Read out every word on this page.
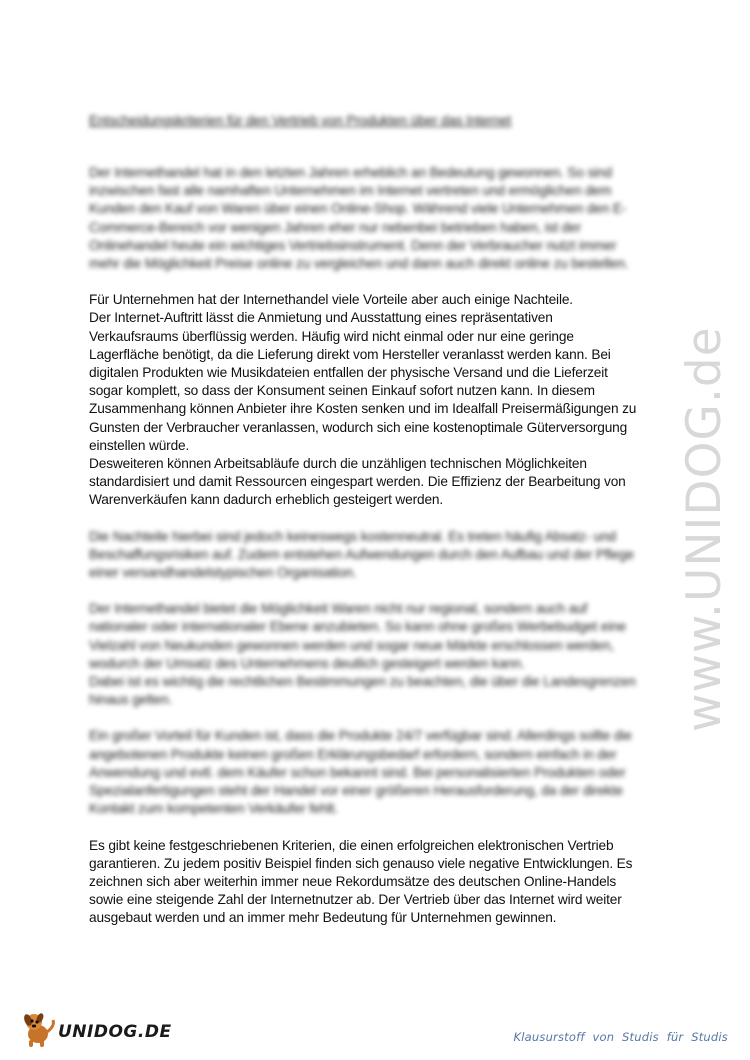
Entscheidungskriterien für den Vertrieb von Produkten über das Internet
Der Internethandel hat in den letzten Jahren erheblich an Bedeutung gewonnen. So sind
inzwischen fast alle namhaften Unternehmen im Internet vertreten und ermöglichen dem
Kunden den Kauf von Waren über einen Online-Shop. Während viele Unternehmen den E-
Commerce-Bereich vor wenigen Jahren eher nur nebenbei betrieben haben, ist der
Onlinehandel heute ein wichtiges Vertriebsinstrument. Denn der Verbraucher nutzt immer
mehr die Möglichkeit Preise online zu vergleichen und dann auch direkt online zu bestellen.
Für Unternehmen hat der Internethandel viele Vorteile aber auch einige Nachteile.
Der Internet-Auftritt lässt die Anmietung und Ausstattung eines repräsentativen
Verkaufsraums überflüssig werden. Häufig wird nicht einmal oder nur eine geringe
Lagerfläche benötigt, da die Lieferung direkt vom Hersteller veranlasst werden kann. Bei
digitalen Produkten wie Musikdateien entfallen der physische Versand und die Lieferzeit
sogar komplett, so dass der Konsument seinen Einkauf sofort nutzen kann. In diesem
Zusammenhang können Anbieter ihre Kosten senken und im Idealfall Preisermäßigungen zu
Gunsten der Verbraucher veranlassen, wodurch sich eine kostenoptimale Güterversorgung
einstellen würde.
Desweiteren können Arbeitsabläufe durch die unzähligen technischen Möglichkeiten
standardisiert und damit Ressourcen eingespart werden. Die Effizienz der Bearbeitung von
Warenverkäufen kann dadurch erheblich gesteigert werden.
Die Nachteile hierbei sind jedoch keineswegs kostenneutral. Es treten häufig Absatz- und
Beschaffungsrisiken auf. Zudem entstehen Aufwendungen durch den Aufbau und der Pflege
einer versandhandelstypischen Organisation.
Der Internethandel bietet die Möglichkeit Waren nicht nur regional, sondern auch auf
nationaler oder internationaler Ebene anzubieten. So kann ohne großes Werbebudget eine
Vielzahl von Neukunden gewonnen werden und sogar neue Märkte erschlossen werden,
wodurch der Umsatz des Unternehmens deutlich gesteigert werden kann.
Dabei ist es wichtig die rechtlichen Bestimmungen zu beachten, die über die Landesgrenzen
hinaus gelten.
Ein großer Vorteil für Kunden ist, dass die Produkte 24/7 verfügbar sind. Allerdings sollte die
angebotenen Produkte keinen großen Erklärungsbedarf erfordern, sondern einfach in der
Anwendung und evtl. dem Käufer schon bekannt sind. Bei personalisierten Produkten oder
Spezialanfertigungen steht der Handel vor einer größeren Herausforderung, da der direkte
Kontakt zum kompetenten Verkäufer fehlt.
Es gibt keine festgeschriebenen Kriterien, die einen erfolgreichen elektronischen Vertrieb
garantieren. Zu jedem positiv Beispiel finden sich genauso viele negative Entwicklungen. Es
zeichnen sich aber weiterhin immer neue Rekordumsätze des deutschen Online-Handels
sowie eine steigende Zahl der Internetnutzer ab. Der Vertrieb über das Internet wird weiter
ausgebaut werden und an immer mehr Bedeutung für Unternehmen gewinnen.
www.UNIDOG.de
UNIDOG.DE	Klausurstoff von Studis für Studis
